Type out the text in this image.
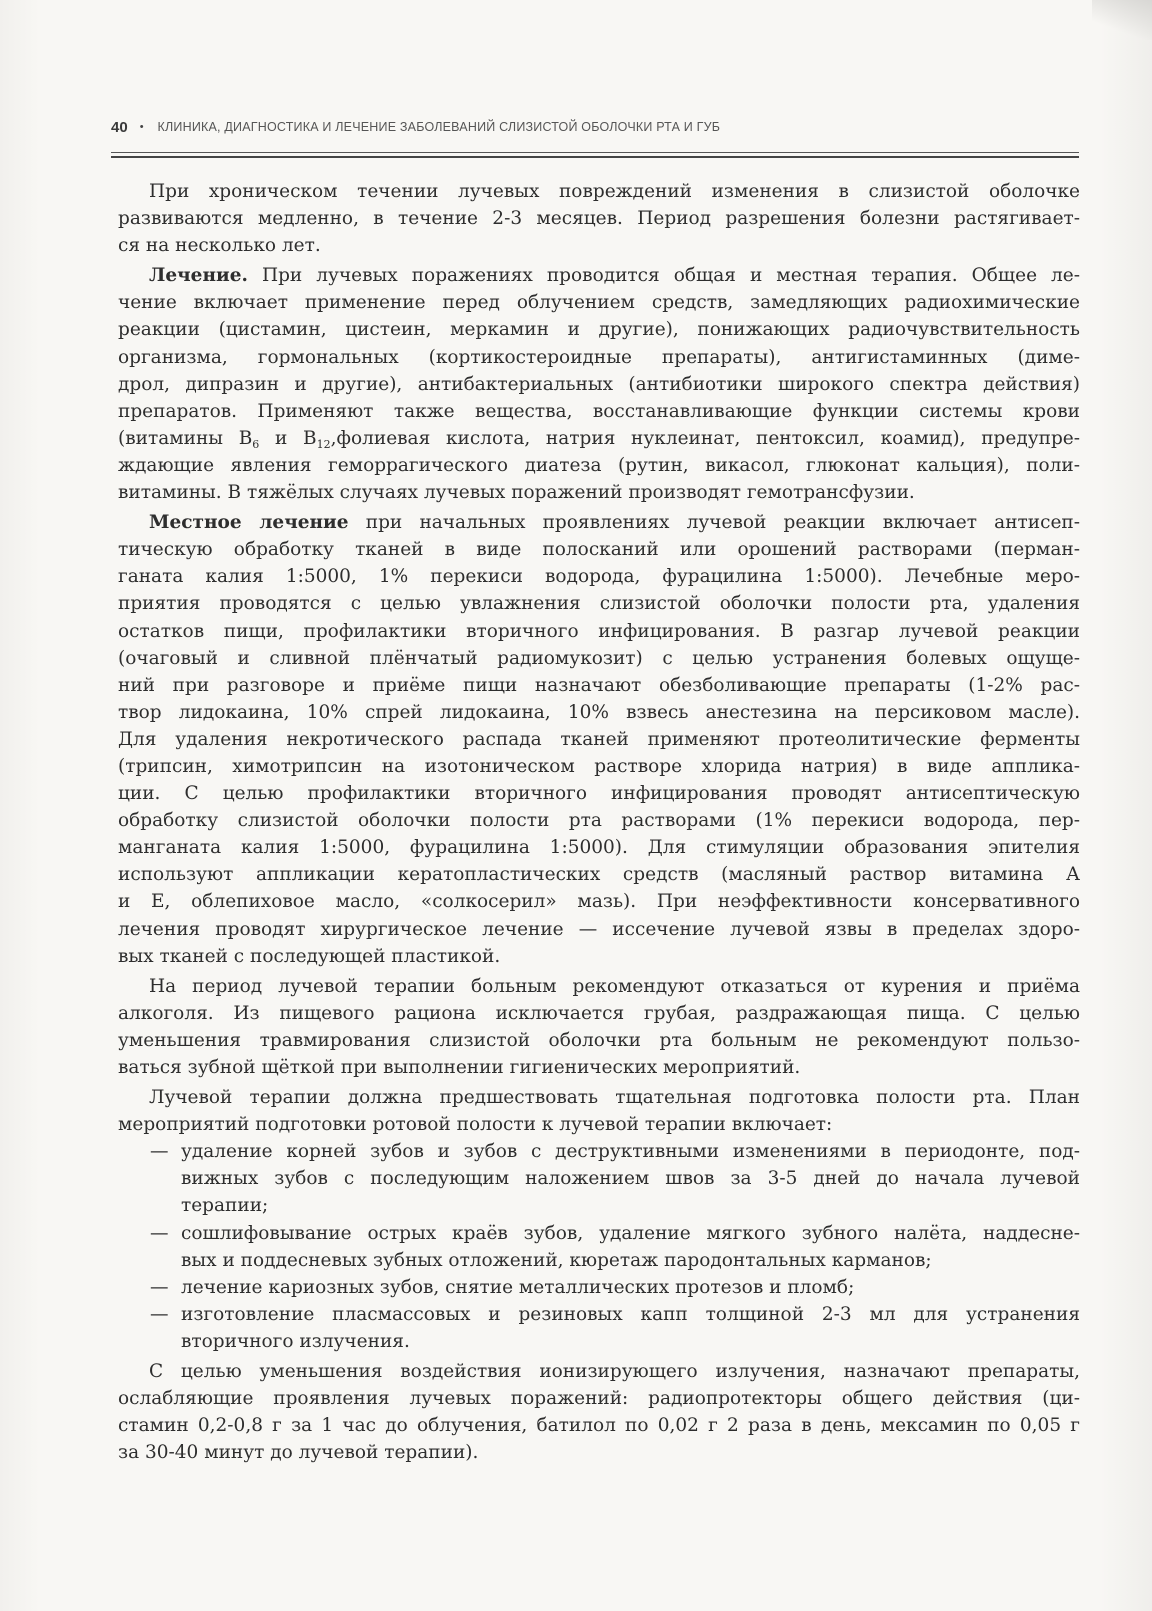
40 • КЛИНИКА, ДИАГНОСТИКА И ЛЕЧЕНИЕ ЗАБОЛЕВАНИЙ СЛИЗИСТОЙ ОБОЛОЧКИ РТА И ГУБ
При хроническом течении лучевых повреждений изменения в слизистой оболочке
развиваются медленно, в течение 2-3 месяцев. Период разрешения болезни растягивает-
ся на несколько лет.
Лечение. При лучевых поражениях проводится общая и местная терапия. Общее ле-
чение включает применение перед облучением средств, замедляющих радиохимические
реакции (цистамин, цистеин, меркамин и другие), понижающих радиочувствительность
организма, гормональных (кортикостероидные препараты), антигистаминных (диме-
дрол, дипразин и другие), антибактериальных (антибиотики широкого спектра действия)
препаратов. Применяют также вещества, восстанавливающие функции системы крови
(витамины $В_6$ и $В_{12},фолиевая$ кислота, натрия нуклеинат, пентоксил, коамид), предупре-
ждающие явления геморрагического диатеза (рутин, викасол, глюконат кальция), поли-
витамины. В тяжёлых случаях лучевых поражений производят гемотрансфузии.
Местное лечение при начальных проявлениях лучевой реакции включает антисеп-
тическую обработку тканей в виде полосканий или орошений растворами (перман-
ганата калия 1:5000, 1% перекиси водорода, фурацилина 1:5000). Лечебные меро-
приятия проводятся с целью увлажнения слизистой оболочки полости рта, удаления
остатков пищи, профилактики вторичного инфицирования. В разгар лучевой реакции
(очаговый и сливной плёнчатый радиомукозит) с целью устранения болевых ощуще-
ний при разговоре и приёме пищи назначают обезболивающие препараты (1-2% рас-
твор лидокаина, 10% спрей лидокаина, 10% взвесь анестезина на персиковом масле).
Для удаления некротического распада тканей применяют протеолитические ферменты
(трипсин, химотрипсин на изотоническом растворе хлорида натрия) в виде апплика-
ции. С целью профилактики вторичного инфицирования проводят антисептическую
обработку слизистой оболочки полости рта растворами (1% перекиси водорода, пер-
манганата калия 1:5000, фурацилина 1:5000). Для стимуляции образования эпителия
используют аппликации кератопластических средств (масляный раствор витамина А
и Е, облепиховое масло, «солкосерил» мазь). При неэффективности консервативного
лечения проводят хирургическое лечение — иссечение лучевой язвы в пределах здоро-
вых тканей с последующей пластикой.
На период лучевой терапии больным рекомендуют отказаться от курения и приёма
алкоголя. Из пищевого рациона исключается грубая, раздражающая пища. С целью
уменьшения травмирования слизистой оболочки рта больным не рекомендуют пользо-
ваться зубной щёткой при выполнении гигиенических мероприятий.
Лучевой терапии должна предшествовать тщательная подготовка полости рта. План
мероприятий подготовки ротовой полости к лучевой терапии включает:
— удаление корней зубов и зубов с деструктивными изменениями в периодонте, под-
вижных зубов с последующим наложением швов за 3-5 дней до начала лучевой
терапии;
— сошлифовывание острых краёв зубов, удаление мягкого зубного налёта, наддесне-
вых и поддесневых зубных отложений, кюретаж пародонтальных карманов;
— лечение кариозных зубов, снятие металлических протезов и пломб;
— изготовление пласмассовых и резиновых капп толщиной 2-3 мл для устранения
вторичного излучения.
С целью уменьшения воздействия ионизирующего излучения, назначают препараты,
ослабляющие проявления лучевых поражений: радиопротекторы общего действия (ци-
стамин 0,2-0,8 г за 1 час до облучения, батилол по 0,02 г 2 раза в день, мексамин по 0,05 г
за 30-40 минут до лучевой терапии).
